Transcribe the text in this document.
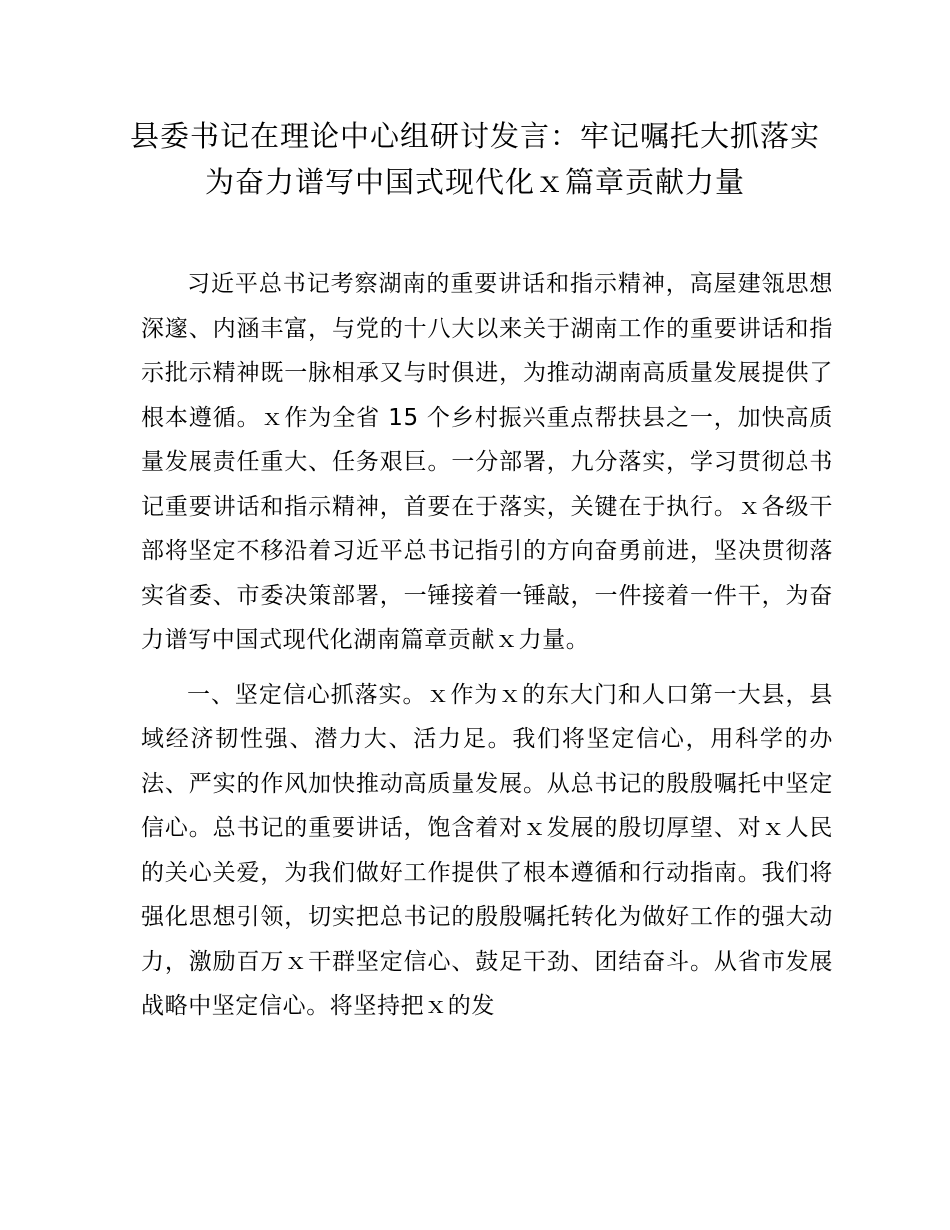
县委书记在理论中心组研讨发言：牢记嘱托大抓落实为奋力谱写中国式现代化ｘ篇章贡献力量

习近平总书记考察湖南的重要讲话和指示精神，高屋建瓴思想深邃、内涵丰富，与党的十八大以来关于湖南工作的重要讲话和指示批示精神既一脉相承又与时俱进，为推动湖南高质量发展提供了根本遵循。ｘ作为全省 15 个乡村振兴重点帮扶县之一，加快高质量发展责任重大、任务艰巨。一分部署，九分落实，学习贯彻总书记重要讲话和指示精神，首要在于落实，关键在于执行。ｘ各级干部将坚定不移沿着习近平总书记指引的方向奋勇前进，坚决贯彻落实省委、市委决策部署，一锤接着一锤敲，一件接着一件干，为奋力谱写中国式现代化湖南篇章贡献ｘ力量。

一、坚定信心抓落实。ｘ作为ｘ的东大门和人口第一大县，县域经济韧性强、潜力大、活力足。我们将坚定信心，用科学的办法、严实的作风加快推动高质量发展。从总书记的殷殷嘱托中坚定信心。总书记的重要讲话，饱含着对ｘ发展的殷切厚望、对ｘ人民的关心关爱，为我们做好工作提供了根本遵循和行动指南。我们将强化思想引领，切实把总书记的殷殷嘱托转化为做好工作的强大动力，激励百万ｘ干群坚定信心、鼓足干劲、团结奋斗。从省市发展战略中坚定信心。将坚持把ｘ的发
